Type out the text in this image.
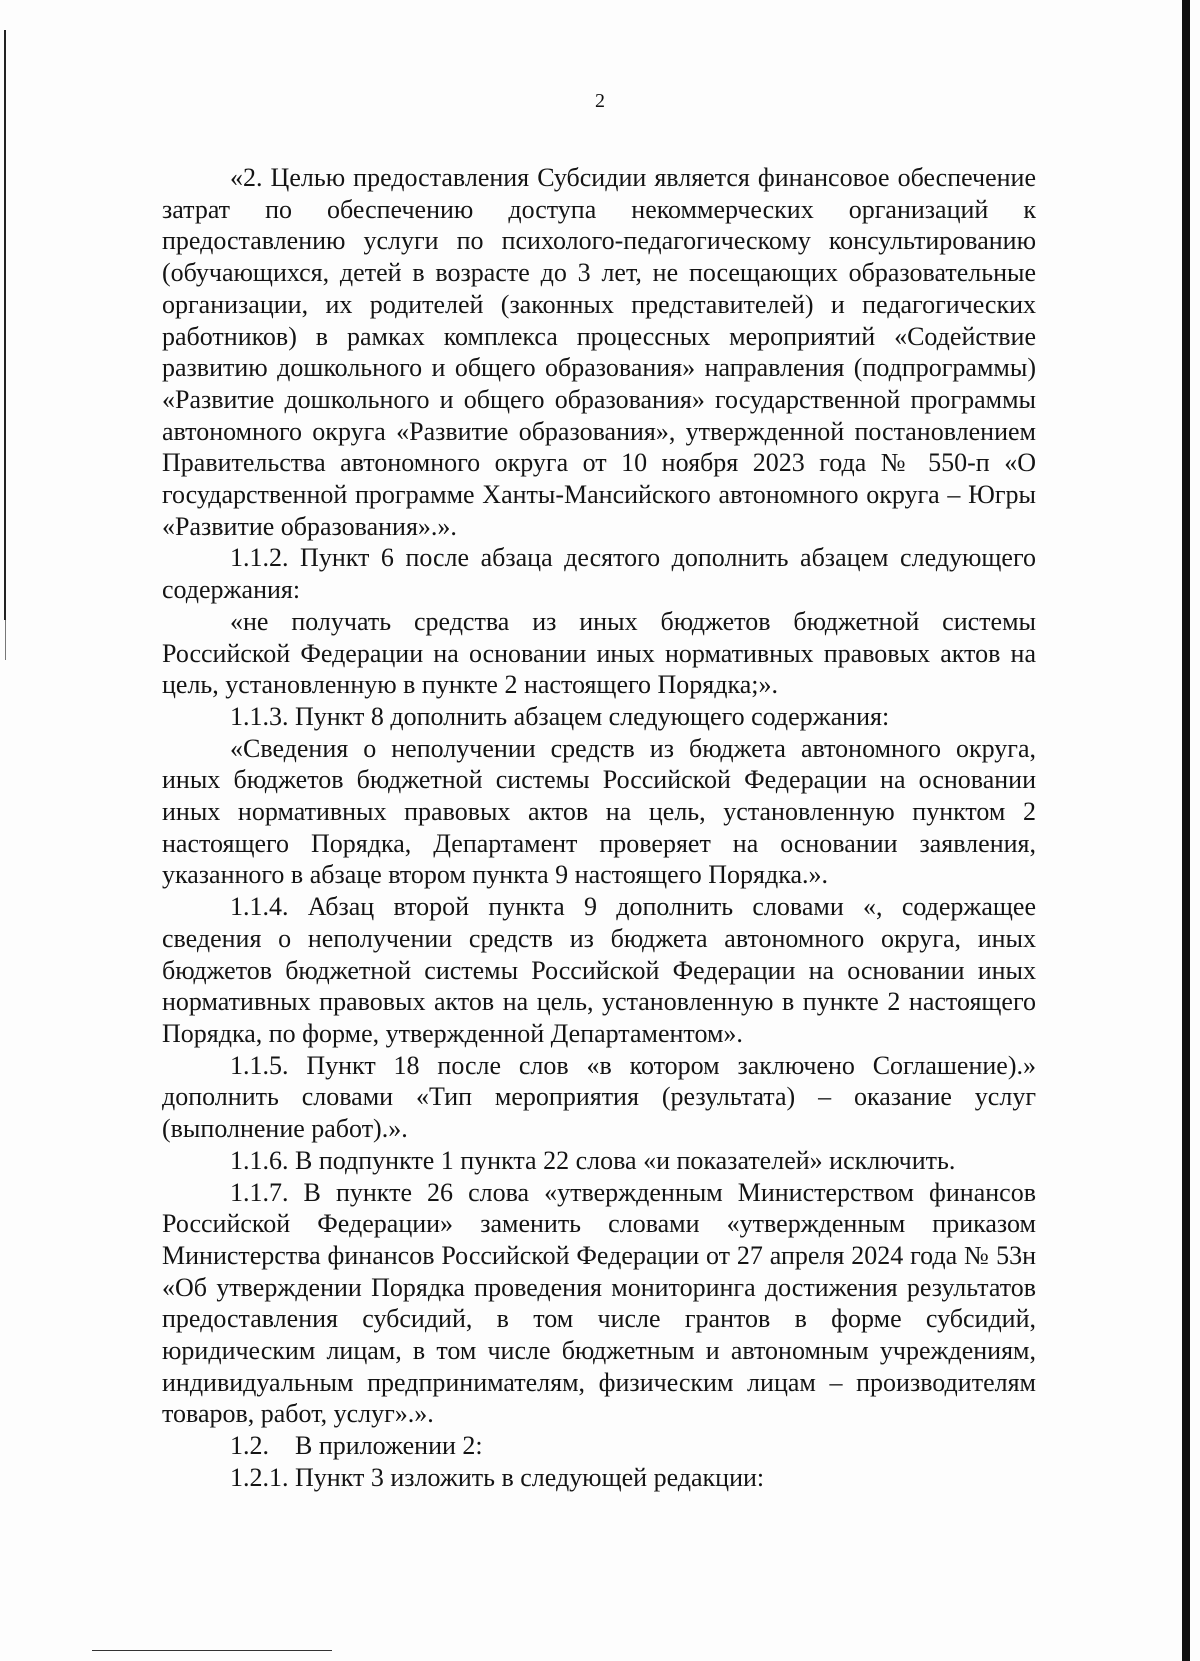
2

«2. Целью предоставления Субсидии является финансовое обеспечение затрат по обеспечению доступа некоммерческих организаций к предоставлению услуги по психолого-педагогическому консультированию (обучающихся, детей в возрасте до 3 лет, не посещающих образовательные организации, их родителей (законных представителей) и педагогических работников) в рамках комплекса процессных мероприятий «Содействие развитию дошкольного и общего образования» направления (подпрограммы) «Развитие дошкольного и общего образования» государственной программы автономного округа «Развитие образования», утвержденной постановлением Правительства автономного округа от 10 ноября 2023 года № 550-п «О государственной программе Ханты-Мансийского автономного округа – Югры «Развитие образования».».

1.1.2. Пункт 6 после абзаца десятого дополнить абзацем следующего содержания:

«не получать средства из иных бюджетов бюджетной системы Российской Федерации на основании иных нормативных правовых актов на цель, установленную в пункте 2 настоящего Порядка;».

1.1.3. Пункт 8 дополнить абзацем следующего содержания:

«Сведения о неполучении средств из бюджета автономного округа, иных бюджетов бюджетной системы Российской Федерации на основании иных нормативных правовых актов на цель, установленную пунктом 2 настоящего Порядка, Департамент проверяет на основании заявления, указанного в абзаце втором пункта 9 настоящего Порядка.».

1.1.4. Абзац второй пункта 9 дополнить словами «, содержащее сведения о неполучении средств из бюджета автономного округа, иных бюджетов бюджетной системы Российской Федерации на основании иных нормативных правовых актов на цель, установленную в пункте 2 настоящего Порядка, по форме, утвержденной Департаментом».

1.1.5. Пункт 18 после слов «в котором заключено Соглашение).» дополнить словами «Тип мероприятия (результата) – оказание услуг (выполнение работ).».

1.1.6. В подпункте 1 пункта 22 слова «и показателей» исключить.

1.1.7. В пункте 26 слова «утвержденным Министерством финансов Российской Федерации» заменить словами «утвержденным приказом Министерства финансов Российской Федерации от 27 апреля 2024 года № 53н «Об утверждении Порядка проведения мониторинга достижения результатов предоставления субсидий, в том числе грантов в форме субсидий, юридическим лицам, в том числе бюджетным и автономным учреждениям, индивидуальным предпринимателям, физическим лицам – производителям товаров, работ, услуг».».

1.2.    В приложении 2:

1.2.1. Пункт 3 изложить в следующей редакции:
